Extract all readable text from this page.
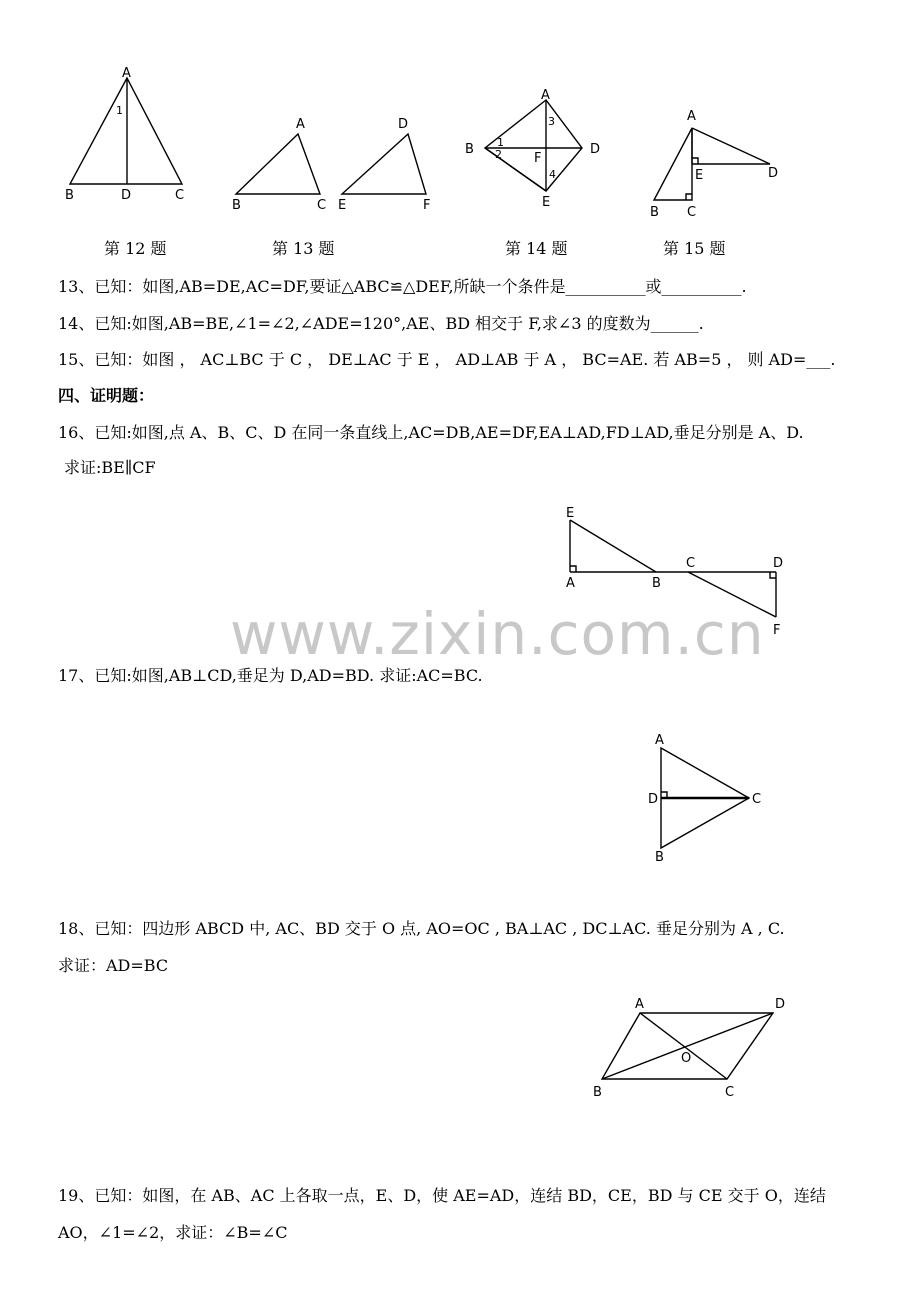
www.zixin.com.cn
A
1
B	D	C
第 12 题
A
B	C
D
E	F
第 13 题
A
B	D
E
F
1
2
3
4
第 14 题
A
E	D
B C
第 15 题
13、已知：如图,AB=DE,AC=DF,要证△ABC≌△DEF,所缺一个条件是__________或__________.
14、已知:如图,AB=BE,∠1=∠2,∠ADE=120°,AE、BD 相交于 F,求∠3 的度数为______.
15、已知：如图 ， AC⊥BC 于 C ， DE⊥AC 于 E ， AD⊥AB 于 A ， BC=AE. 若 AB=5 ， 则 AD=___.
四、证明题：
16、已知:如图,点 A、B、C、D 在同一条直线上,AC=DB,AE=DF,EA⊥AD,FD⊥AD,垂足分别是 A、D.
求证:BE∥CF
E
A	B
C	D
F
17、已知:如图,AB⊥CD,垂足为 D,AD=BD. 求证:AC=BC.
A
D	C
B
18、已知：四边形 ABCD 中, AC、BD 交于 O 点, AO=OC , BA⊥AC , DC⊥AC. 垂足分别为 A , C.
求证：AD=BC
A	D
O
B	C
19、已知：如图，在 AB、AC 上各取一点，E、D，使 AE=AD，连结 BD，CE，BD 与 CE 交于 O，连结
AO，∠1=∠2，求证：∠B=∠C
